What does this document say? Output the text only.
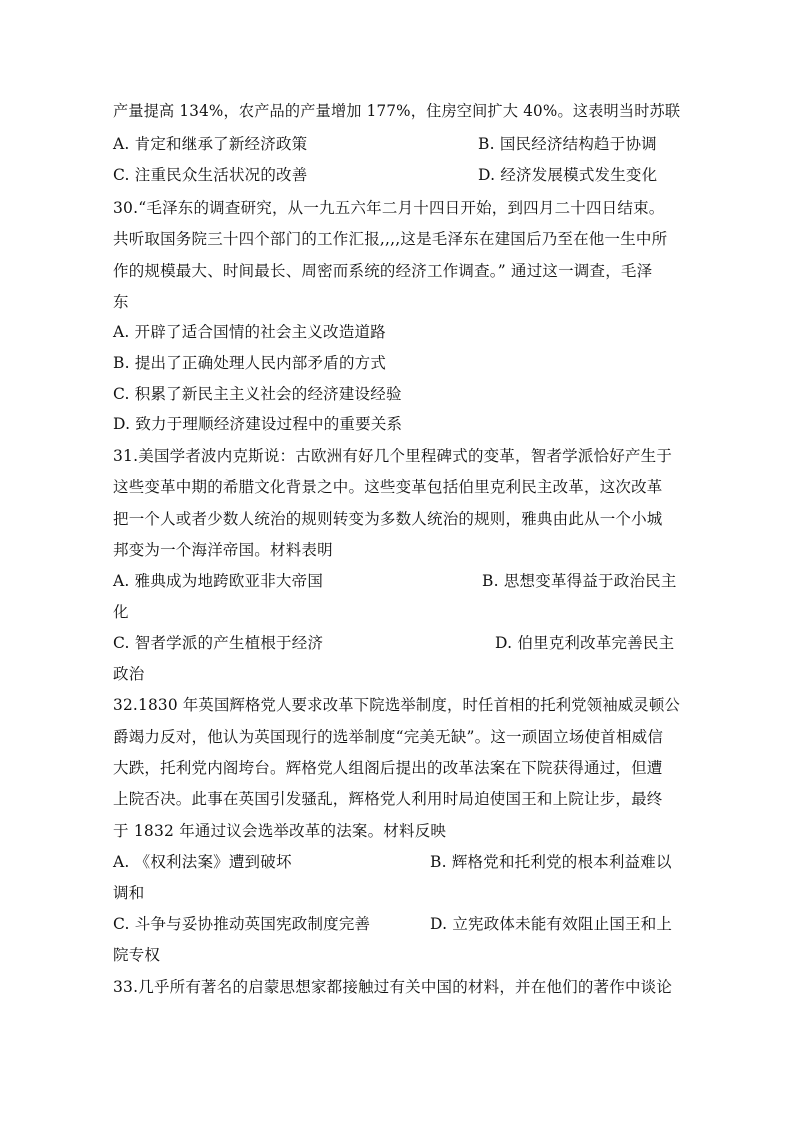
产量提高 134%，农产品的产量增加 177%，住房空间扩大 40%。这表明当时苏联
A. 肯定和继承了新经济政策	B. 国民经济结构趋于协调
C. 注重民众生活状况的改善	D. 经济发展模式发生变化
30.“毛泽东的调查研究，从一九五六年二月十四日开始，到四月二十四日结束。
共听取国务院三十四个部门的工作汇报,,,,这是毛泽东在建国后乃至在他一生中所
作的规模最大、时间最长、周密而系统的经济工作调查。” 通过这一调查，毛泽
东
A. 开辟了适合国情的社会主义改造道路
B. 提出了正确处理人民内部矛盾的方式
C. 积累了新民主主义社会的经济建设经验
D. 致力于理顺经济建设过程中的重要关系
31.美国学者波内克斯说：古欧洲有好几个里程碑式的变革，智者学派恰好产生于
这些变革中期的希腊文化背景之中。这些变革包括伯里克利民主改革，这次改革
把一个人或者少数人统治的规则转变为多数人统治的规则，雅典由此从一个小城
邦变为一个海洋帝国。材料表明
A. 雅典成为地跨欧亚非大帝国	B. 思想变革得益于政治民主
化
C. 智者学派的产生植根于经济	D. 伯里克利改革完善民主
政治
32.1830 年英国辉格党人要求改革下院选举制度，时任首相的托利党领袖威灵顿公
爵竭力反对，他认为英国现行的选举制度“完美无缺”。这一顽固立场使首相威信
大跌，托利党内阁垮台。辉格党人组阁后提出的改革法案在下院获得通过，但遭
上院否决。此事在英国引发骚乱，辉格党人利用时局迫使国王和上院让步，最终
于 1832 年通过议会选举改革的法案。材料反映
A. 《权利法案》遭到破坏	B. 辉格党和托利党的根本利益难以
调和
C. 斗争与妥协推动英国宪政制度完善	D. 立宪政体未能有效阻止国王和上
院专权
33.几乎所有著名的启蒙思想家都接触过有关中国的材料，并在他们的著作中谈论
